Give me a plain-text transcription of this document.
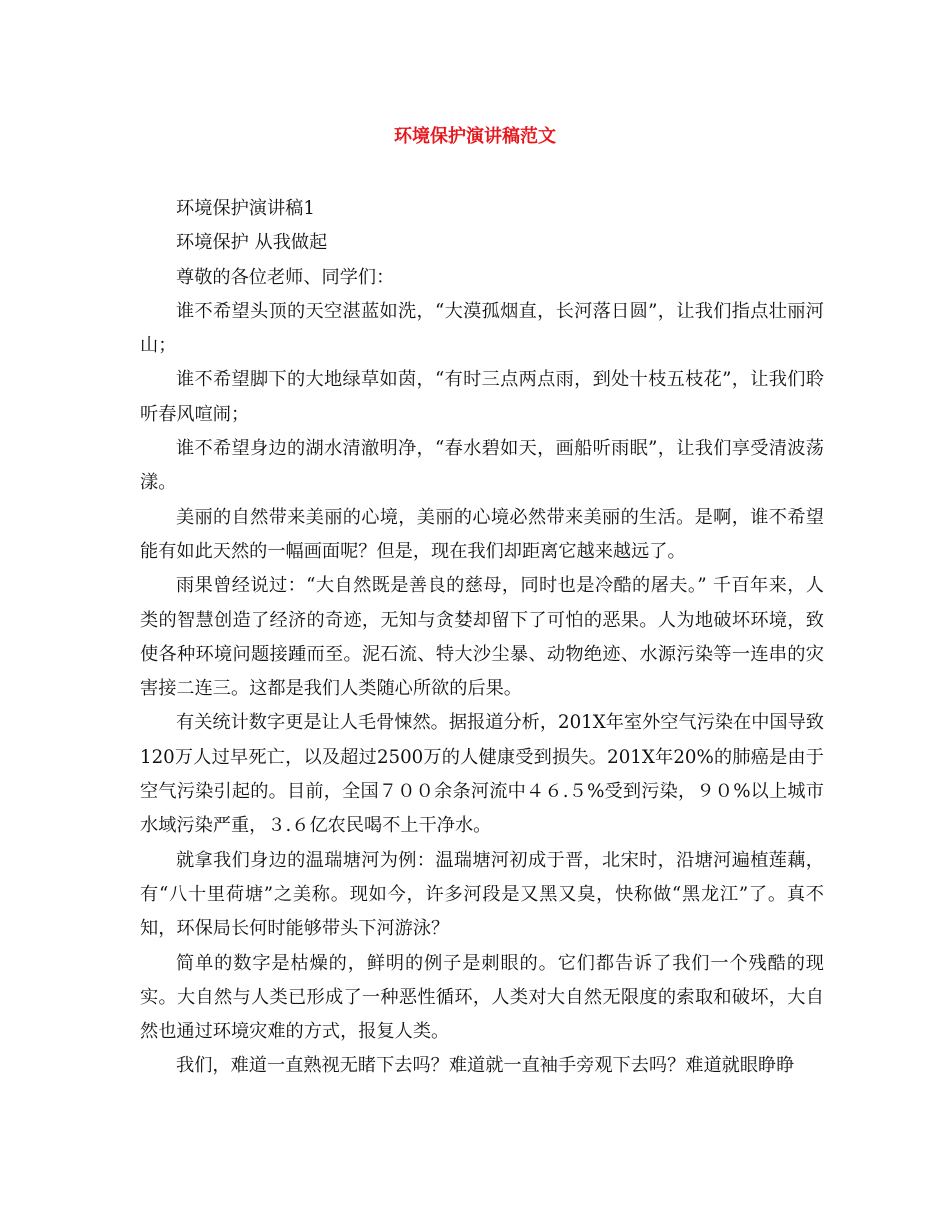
环境保护演讲稿范文

环境保护演讲稿1

环境保护 从我做起

尊敬的各位老师、同学们：

谁不希望头顶的天空湛蓝如洗，“大漠孤烟直，长河落日圆”，让我们指点壮丽河山；

谁不希望脚下的大地绿草如茵，“有时三点两点雨，到处十枝五枝花”，让我们聆听春风喧闹；

谁不希望身边的湖水清澈明净，“春水碧如天，画船听雨眠”，让我们享受清波荡漾。

美丽的自然带来美丽的心境，美丽的心境必然带来美丽的生活。是啊，谁不希望能有如此天然的一幅画面呢？但是，现在我们却距离它越来越远了。

雨果曾经说过：“大自然既是善良的慈母，同时也是冷酷的屠夫。” 千百年来，人类的智慧创造了经济的奇迹，无知与贪婪却留下了可怕的恶果。人为地破坏环境，致使各种环境问题接踵而至。泥石流、特大沙尘暴、动物绝迹、水源污染等一连串的灾害接二连三。这都是我们人类随心所欲的后果。

有关统计数字更是让人毛骨悚然。据报道分析，201X年室外空气污染在中国导致120万人过早死亡，以及超过2500万的人健康受到损失。201X年20%的肺癌是由于空气污染引起的。目前，全国７００余条河流中４６.５%受到污染，９０%以上城市水域污染严重，３.６亿农民喝不上干净水。

就拿我们身边的温瑞塘河为例：温瑞塘河初成于晋，北宋时，沿塘河遍植莲藕，有“八十里荷塘”之美称。现如今，许多河段是又黑又臭，快称做“黑龙江”了。真不知，环保局长何时能够带头下河游泳？

简单的数字是枯燥的，鲜明的例子是刺眼的。它们都告诉了我们一个残酷的现实。大自然与人类已形成了一种恶性循环，人类对大自然无限度的索取和破坏，大自然也通过环境灾难的方式，报复人类。

我们，难道一直熟视无睹下去吗？难道就一直袖手旁观下去吗？难道就眼睁睁
